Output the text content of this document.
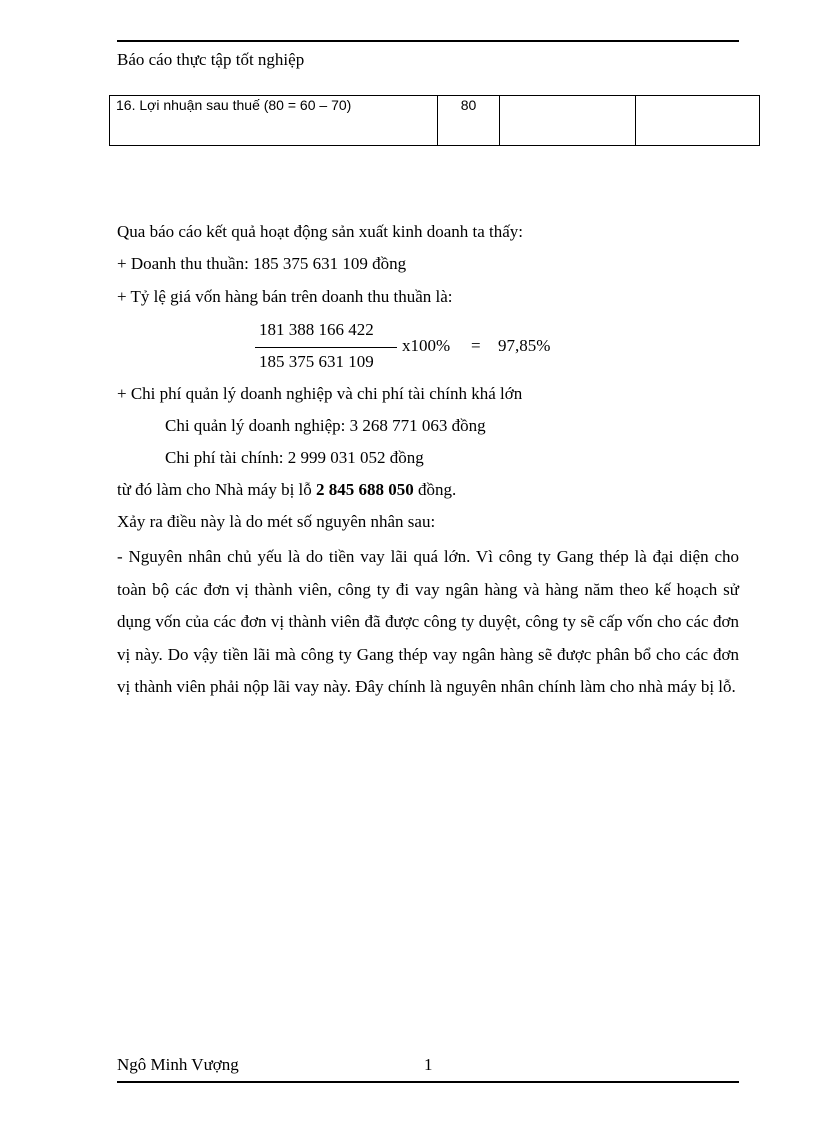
Báo cáo thực tập tốt nghiệp
16. Lợi nhuận sau thuế (80 = 60 – 70)	80		
Qua báo cáo kết quả hoạt động sản xuất kinh doanh ta thấy:
+ Doanh thu thuần: 185 375 631 109 đồng
+ Tỷ lệ giá vốn hàng bán trên doanh thu thuần là:
181 388 166 422
185 375 631 109
x100% = 97,85%
+ Chi phí quản lý doanh nghiệp và chi phí tài chính khá lớn
Chi quản lý doanh nghiệp: 3 268 771 063 đồng
Chi phí tài chính: 2 999 031 052 đồng
từ đó làm cho Nhà máy bị lỗ 2 845 688 050 đồng.
Xảy ra điều này là do mét số nguyên nhân sau:
- Nguyên nhân chủ yếu là do tiền vay lãi quá lớn. Vì công ty Gang thép là đại diện cho toàn bộ các đơn vị thành viên, công ty đi vay ngân hàng và hàng năm theo kế hoạch sử dụng vốn của các đơn vị thành viên đã được công ty duyệt, công ty sẽ cấp vốn cho các đơn vị này. Do vậy tiền lãi mà công ty Gang thép vay ngân hàng sẽ được phân bổ cho các đơn vị thành viên phải nộp lãi vay này. Đây chính là nguyên nhân chính làm cho nhà máy bị lỗ.
Ngô Minh Vượng	1
